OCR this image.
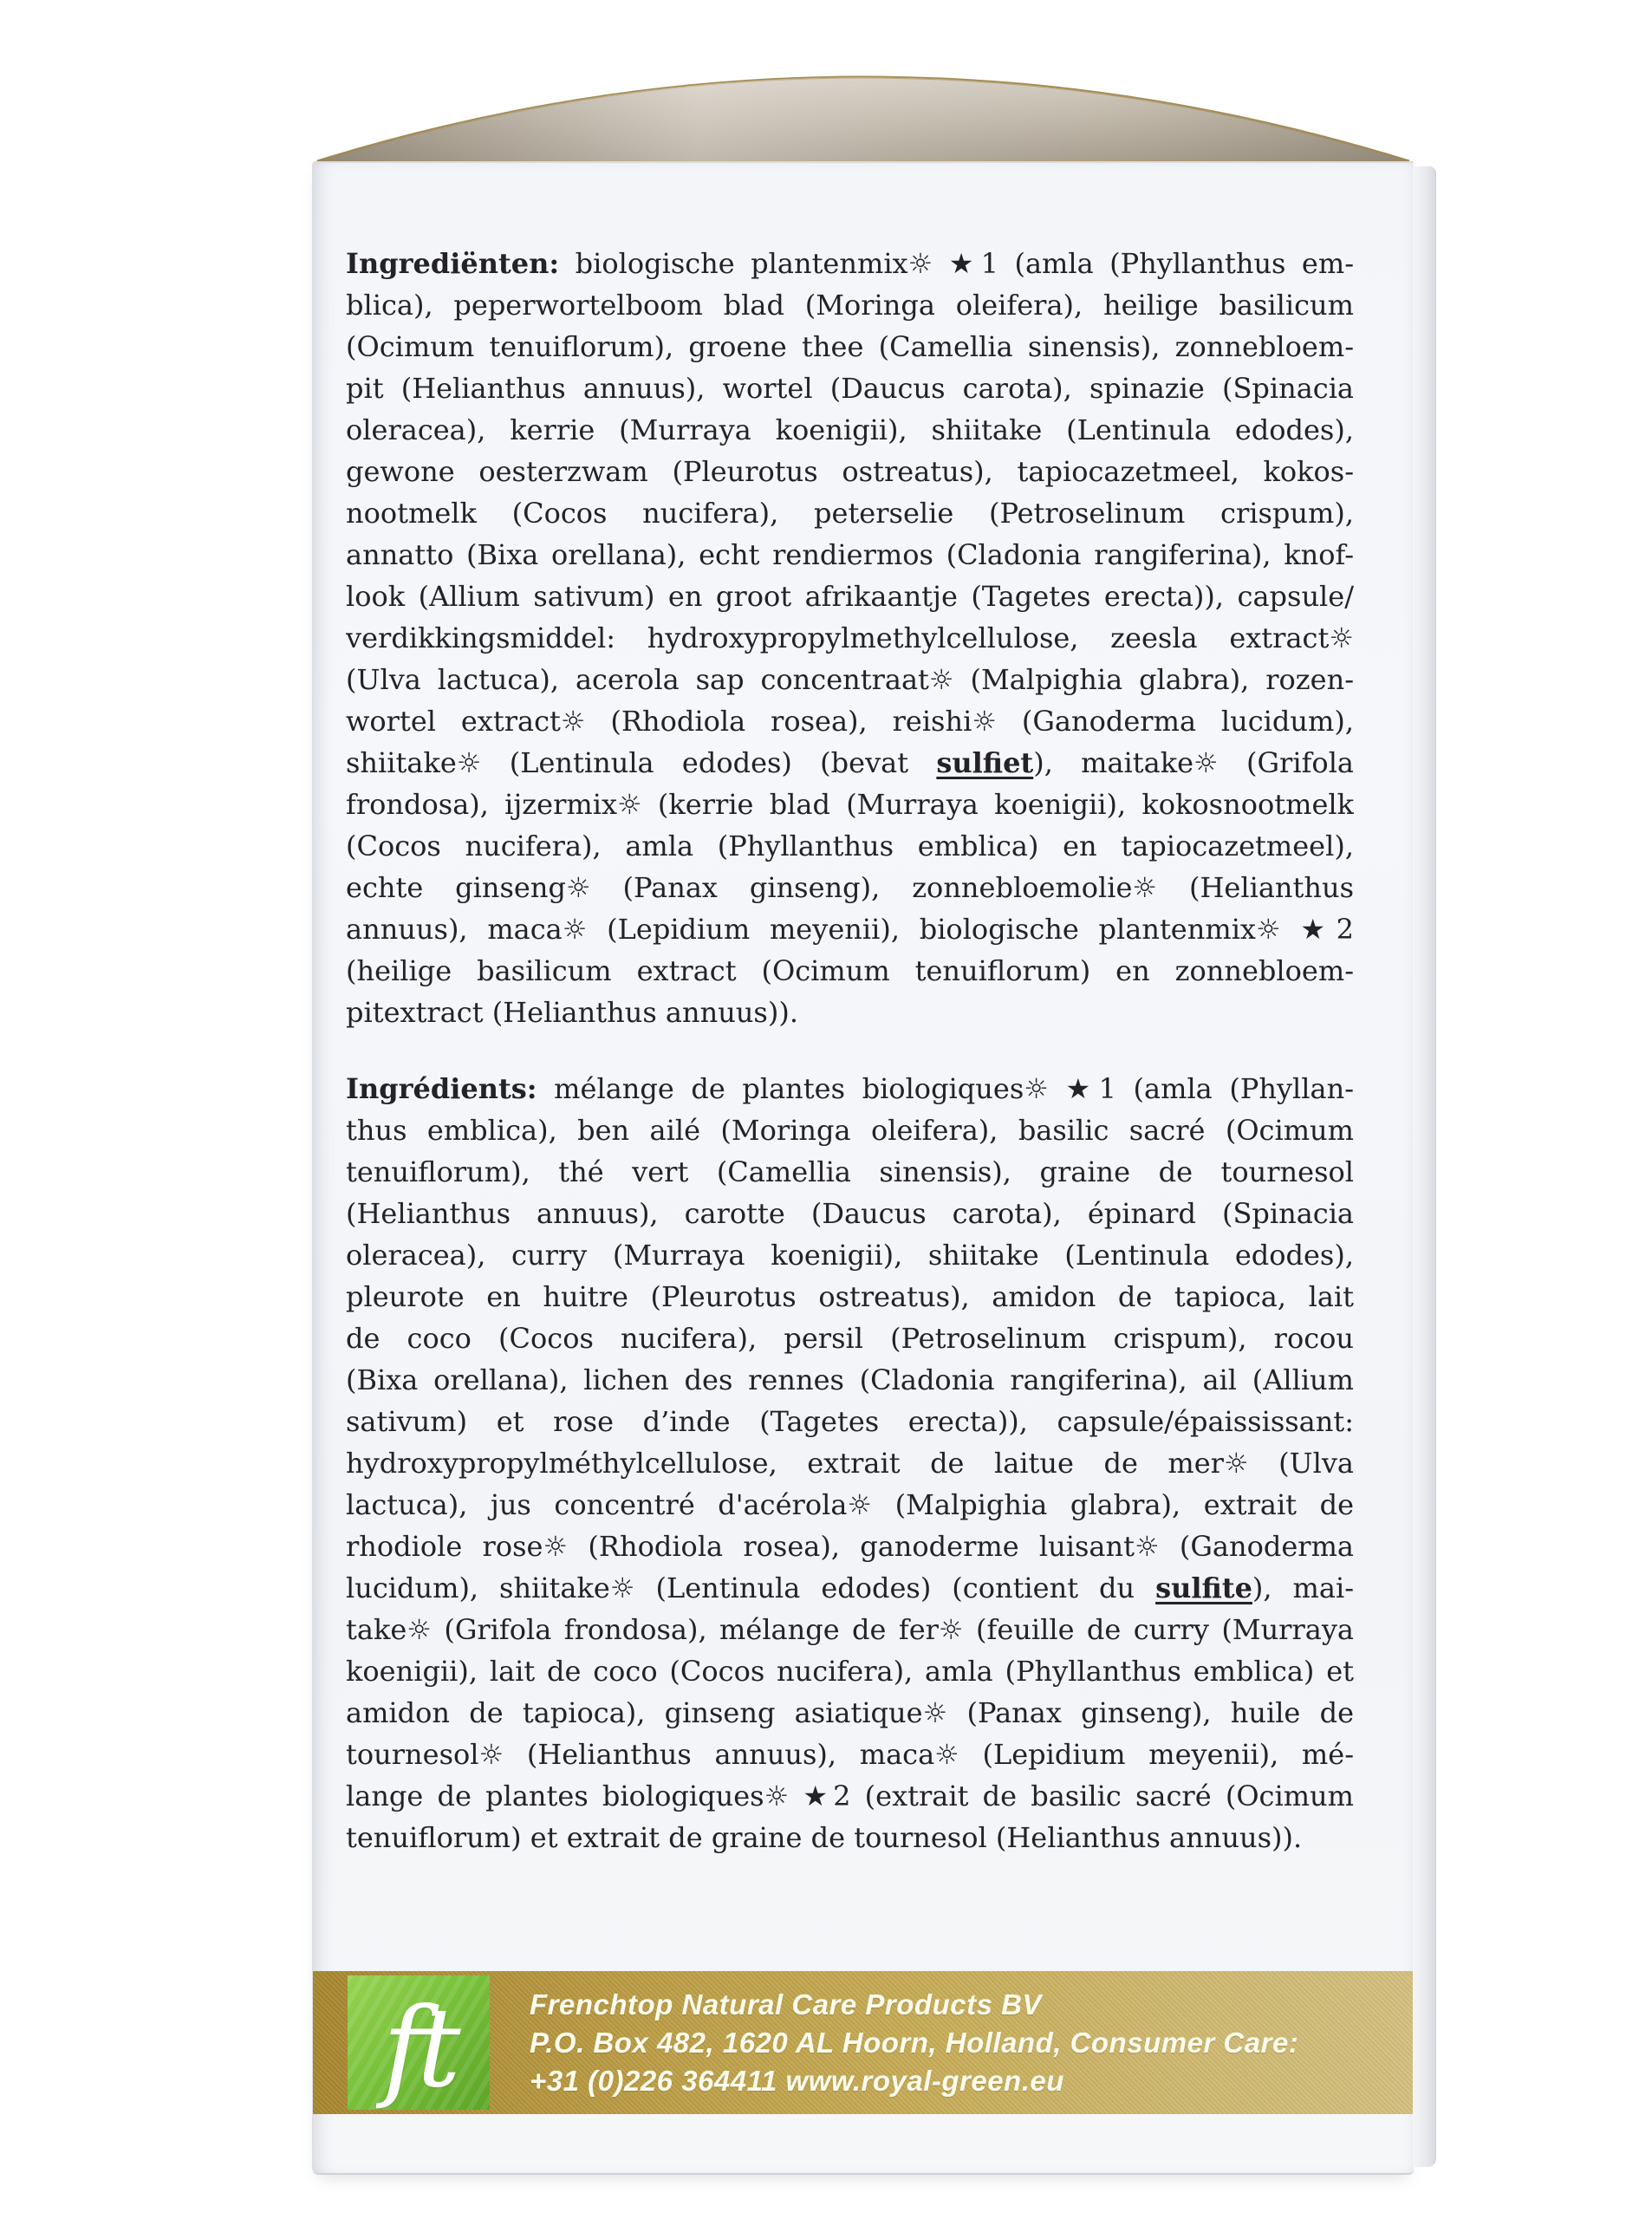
Ingrediënten: biologische plantenmix☼ ★1 (amla (Phyllanthus em-
blica), peperwortelboom blad (Moringa oleifera), heilige basilicum
(Ocimum tenuiflorum), groene thee (Camellia sinensis), zonnebloem-
pit (Helianthus annuus), wortel (Daucus carota), spinazie (Spinacia
oleracea), kerrie (Murraya koenigii), shiitake (Lentinula edodes),
gewone oesterzwam (Pleurotus ostreatus), tapiocazetmeel, kokos-
nootmelk (Cocos nucifera), peterselie (Petroselinum crispum),
annatto (Bixa orellana), echt rendiermos (Cladonia rangiferina), knof-
look (Allium sativum) en groot afrikaantje (Tagetes erecta)), capsule/
verdikkingsmiddel: hydroxypropylmethylcellulose, zeesla extract☼
(Ulva lactuca), acerola sap concentraat☼ (Malpighia glabra), rozen-
wortel extract☼ (Rhodiola rosea), reishi☼ (Ganoderma lucidum),
shiitake☼ (Lentinula edodes) (bevat sulfiet), maitake☼ (Grifola
frondosa), ijzermix☼ (kerrie blad (Murraya koenigii), kokosnootmelk
(Cocos nucifera), amla (Phyllanthus emblica) en tapiocazetmeel),
echte ginseng☼ (Panax ginseng), zonnebloemolie☼ (Helianthus
annuus), maca☼ (Lepidium meyenii), biologische plantenmix☼ ★2
(heilige basilicum extract (Ocimum tenuiflorum) en zonnebloem-
pitextract (Helianthus annuus)).
Ingrédients: mélange de plantes biologiques☼ ★1 (amla (Phyllan-
thus emblica), ben ailé (Moringa oleifera), basilic sacré (Ocimum
tenuiflorum), thé vert (Camellia sinensis), graine de tournesol
(Helianthus annuus), carotte (Daucus carota), épinard (Spinacia
oleracea), curry (Murraya koenigii), shiitake (Lentinula edodes),
pleurote en huitre (Pleurotus ostreatus), amidon de tapioca, lait
de coco (Cocos nucifera), persil (Petroselinum crispum), rocou
(Bixa orellana), lichen des rennes (Cladonia rangiferina), ail (Allium
sativum) et rose d’inde (Tagetes erecta)), capsule/épaississant:
hydroxypropylméthylcellulose, extrait de laitue de mer☼ (Ulva
lactuca), jus concentré d'acérola☼ (Malpighia glabra), extrait de
rhodiole rose☼ (Rhodiola rosea), ganoderme luisant☼ (Ganoderma
lucidum), shiitake☼ (Lentinula edodes) (contient du sulfite), mai-
take☼ (Grifola frondosa), mélange de fer☼ (feuille de curry (Murraya
koenigii), lait de coco (Cocos nucifera), amla (Phyllanthus emblica) et
amidon de tapioca), ginseng asiatique☼ (Panax ginseng), huile de
tournesol☼ (Helianthus annuus), maca☼ (Lepidium meyenii), mé-
lange de plantes biologiques☼ ★2 (extrait de basilic sacré (Ocimum
tenuiflorum) et extrait de graine de tournesol (Helianthus annuus)).
ft	Frenchtop Natural Care Products BV
P.O. Box 482, 1620 AL Hoorn, Holland, Consumer Care:
+31 (0)226 364411 www.royal-green.eu
